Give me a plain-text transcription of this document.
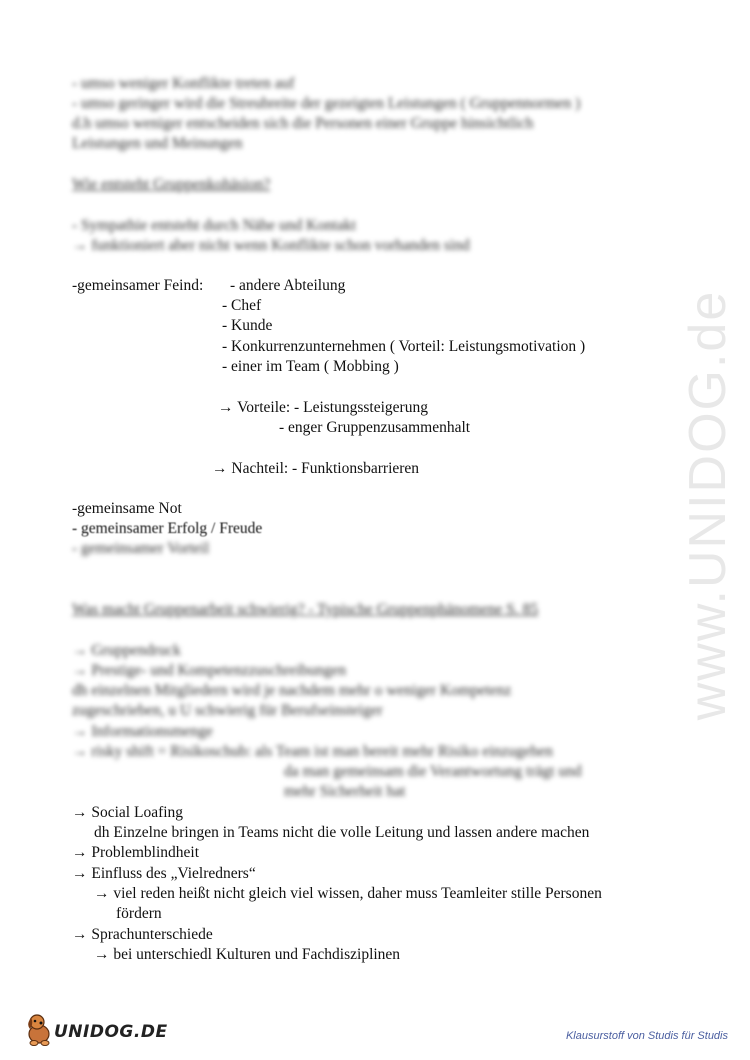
www.UNIDOG.de
- umso weniger Konflikte treten auf
- umso geringer wird die Streubreite der gezeigten Leistungen ( Gruppennormen )
d.h umso weniger entscheiden sich die Personen einer Gruppe hinsichtlich
Leistungen und Meinungen
Wie entsteht Gruppenkohäsion?
- Sympathie entsteht durch Nähe und Kontakt
→ funktioniert aber nicht wenn Konflikte schon vorhanden sind
-gemeinsamer Feind: - andere Abteilung
- Chef
- Kunde
- Konkurrenzunternehmen ( Vorteil: Leistungsmotivation )
- einer im Team ( Mobbing )
→ Vorteile: - Leistungssteigerung
- enger Gruppenzusammenhalt
→ Nachteil: - Funktionsbarrieren
-gemeinsame Not
- gemeinsamer Erfolg / Freude
- gemeinsamer Vorteil
Was macht Gruppenarbeit schwierig? - Typische Gruppenphänomene S. 85
→ Gruppendruck
→ Prestige- und Kompetenzzuschreibungen
dh einzelnen Mitgliedern wird je nachdem mehr o weniger Kompetenz
zugeschrieben, u U schwierig für Berufseinsteiger
→ Informationsmenge
→ risky shift = Risikoschub: als Team ist man bereit mehr Risiko einzugehen
da man gemeinsam die Verantwortung trägt und
mehr Sicherheit hat
→ Social Loafing
dh Einzelne bringen in Teams nicht die volle Leitung und lassen andere machen
→ Problemblindheit
→ Einfluss des „Vielredners“
→ viel reden heißt nicht gleich viel wissen, daher muss Teamleiter stille Personen
fördern
→ Sprachunterschiede
→ bei unterschiedl Kulturen und Fachdisziplinen
UNIDOG.DE	Klausurstoff von Studis für Studis
